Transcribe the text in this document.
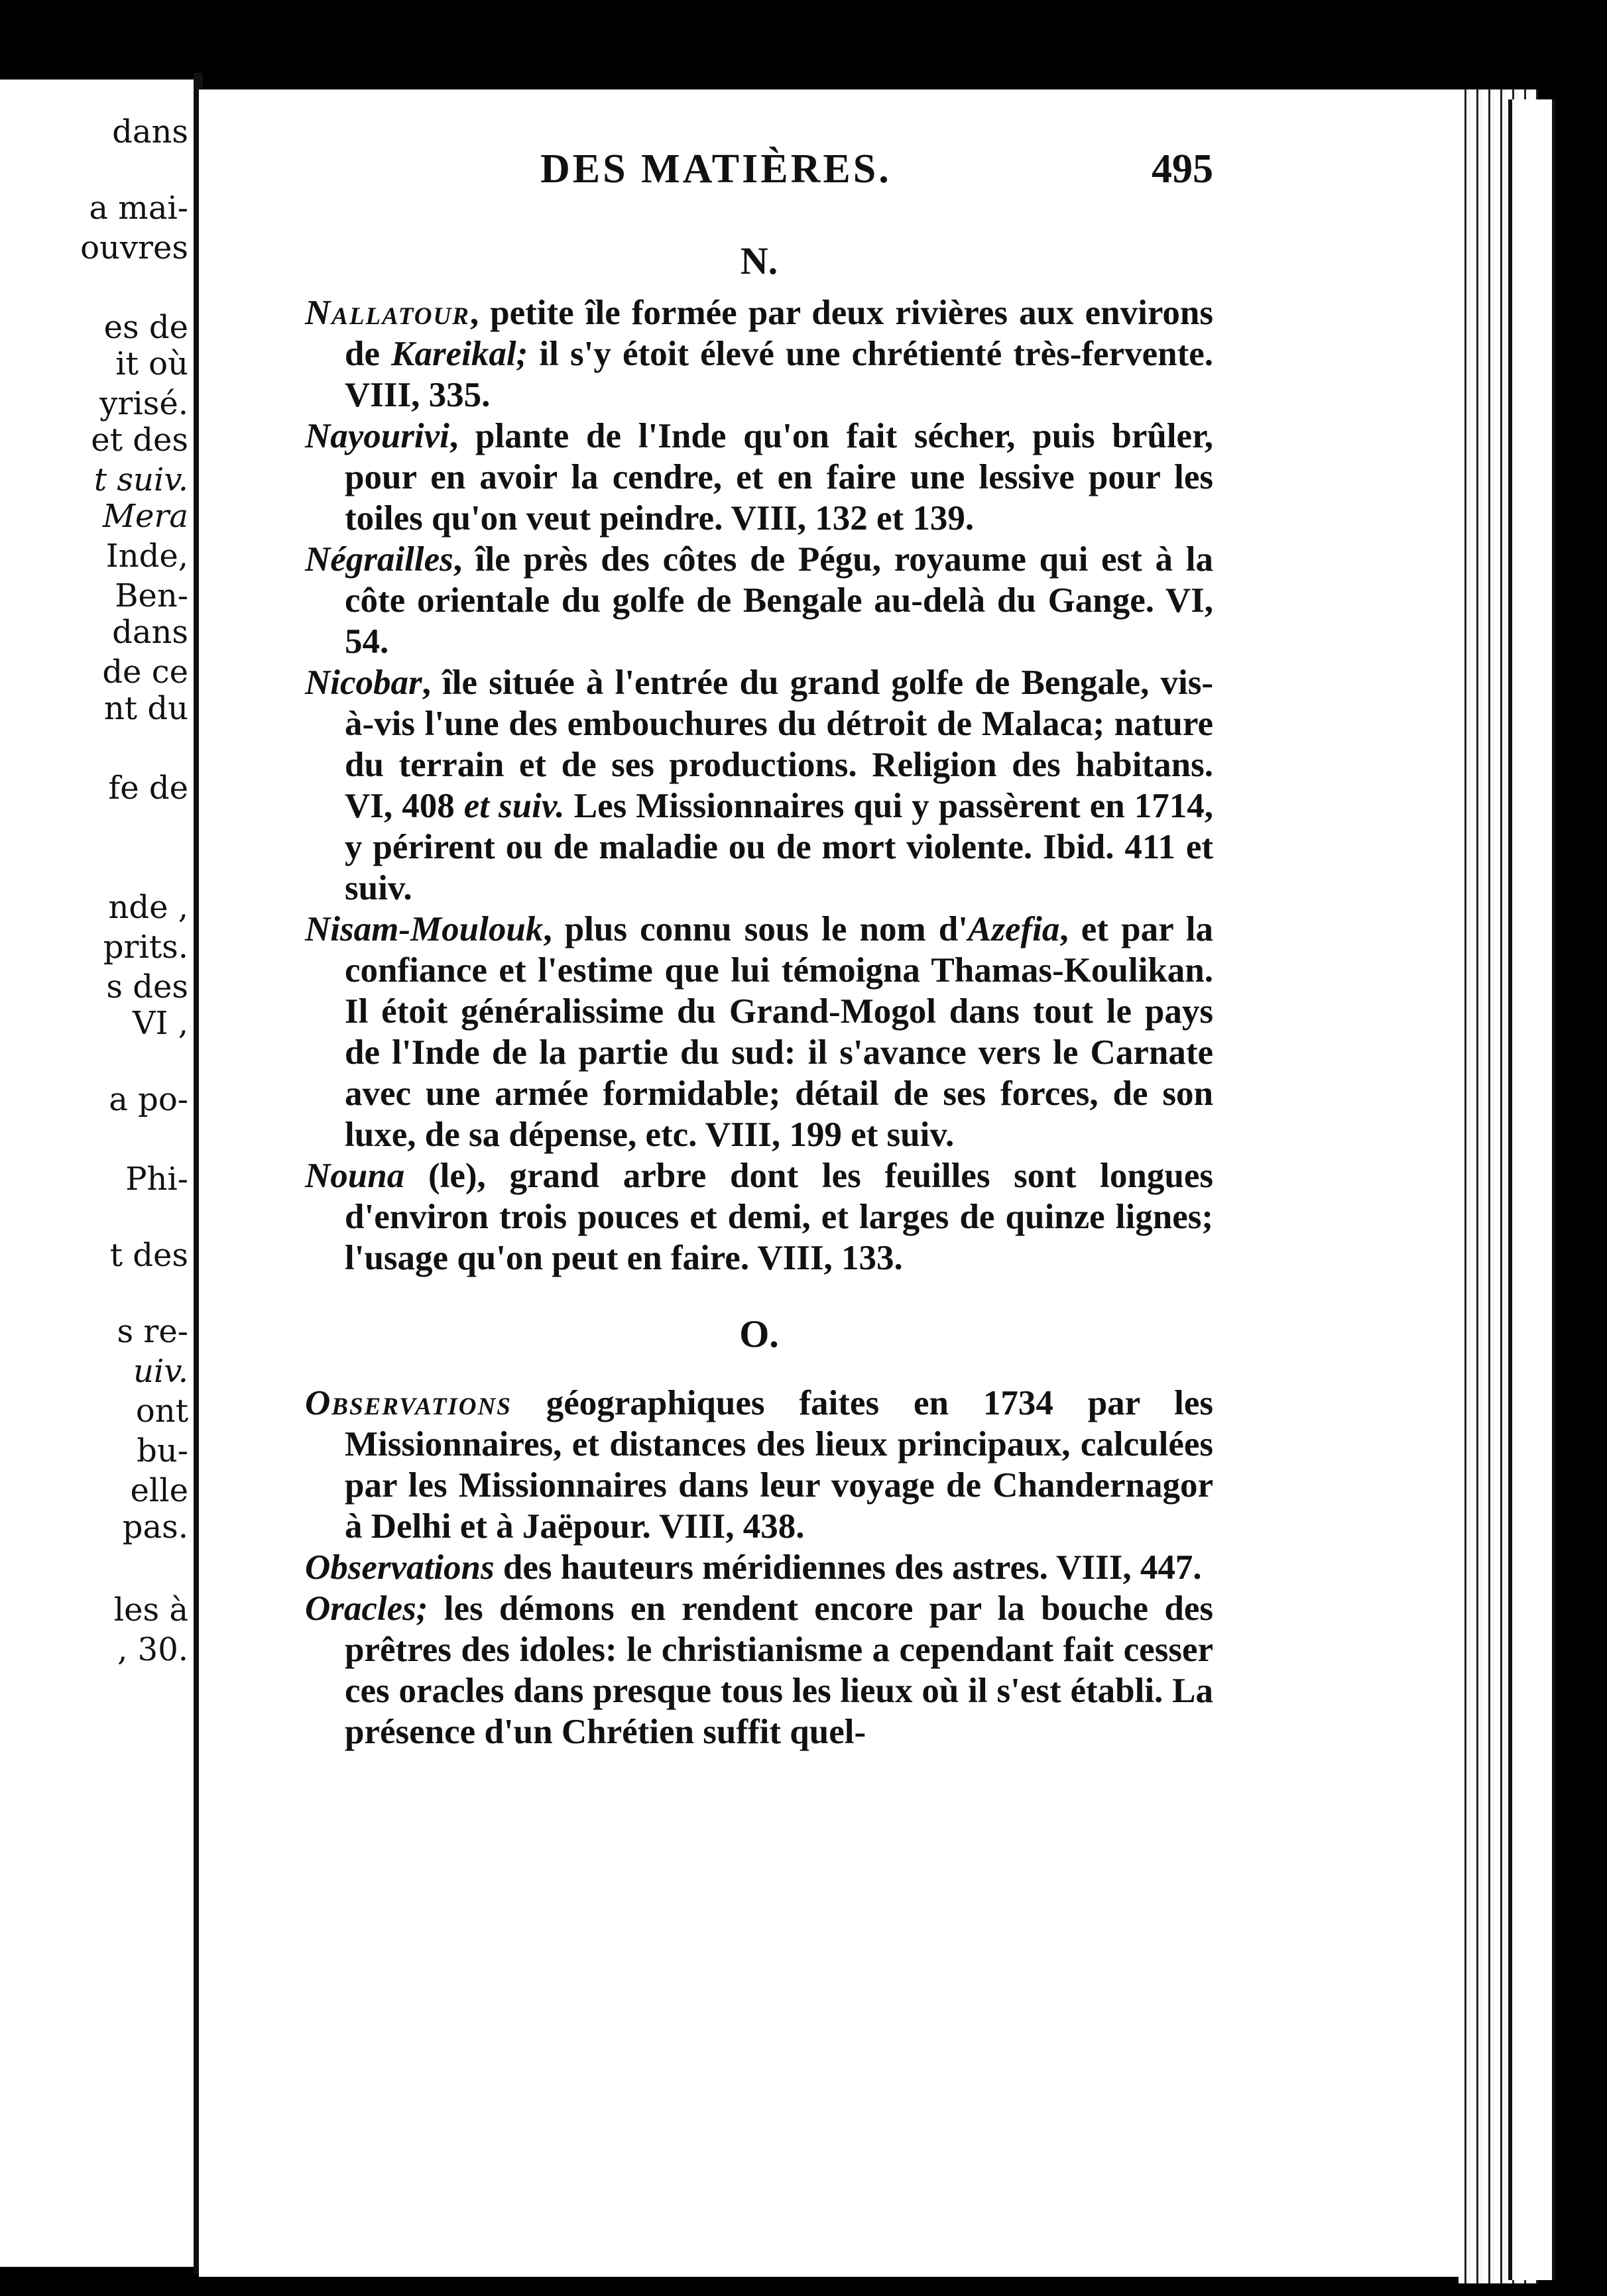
dans
a mai-
ouvres
es de
it où
yrisé.
et des
t suiv.
Mera
Inde,
Ben-
dans
de ce
nt du
fe de
nde ,
prits.
s des
VI ,
a po-
Phi-
t des
s re-
uiv.
ont
bu-
elle
pas.
les à
, 30.
DES MATIÈRES.	495
N.
Nallatour, petite île formée par deux rivières aux environs de Kareikal; il s'y étoit élevé une chrétienté très-fervente. VIII, 335.
Nayourivi, plante de l'Inde qu'on fait sécher, puis brûler, pour en avoir la cendre, et en faire une lessive pour les toiles qu'on veut peindre. VIII, 132 et 139.
Négrailles, île près des côtes de Pégu, royaume qui est à la côte orientale du golfe de Bengale au-delà du Gange. VI, 54.
Nicobar, île située à l'entrée du grand golfe de Bengale, vis-à-vis l'une des embouchures du détroit de Malaca; nature du terrain et de ses productions. Religion des habitans. VI, 408 et suiv. Les Missionnaires qui y passèrent en 1714, y périrent ou de maladie ou de mort violente. Ibid. 411 et suiv.
Nisam-Moulouk, plus connu sous le nom d'Azefia, et par la confiance et l'estime que lui témoigna Thamas-Koulikan. Il étoit généralissime du Grand-Mogol dans tout le pays de l'Inde de la partie du sud: il s'avance vers le Carnate avec une armée formidable; détail de ses forces, de son luxe, de sa dépense, etc. VIII, 199 et suiv.
Nouna (le), grand arbre dont les feuilles sont longues d'environ trois pouces et demi, et larges de quinze lignes; l'usage qu'on peut en faire. VIII, 133.
O.
Observations géographiques faites en 1734 par les Missionnaires, et distances des lieux principaux, calculées par les Missionnaires dans leur voyage de Chandernagor à Delhi et à Jaëpour. VIII, 438.
Observations des hauteurs méridiennes des astres. VIII, 447.
Oracles; les démons en rendent encore par la bouche des prêtres des idoles: le christianisme a cependant fait cesser ces oracles dans presque tous les lieux où il s'est établi. La présence d'un Chrétien suffit quel-
